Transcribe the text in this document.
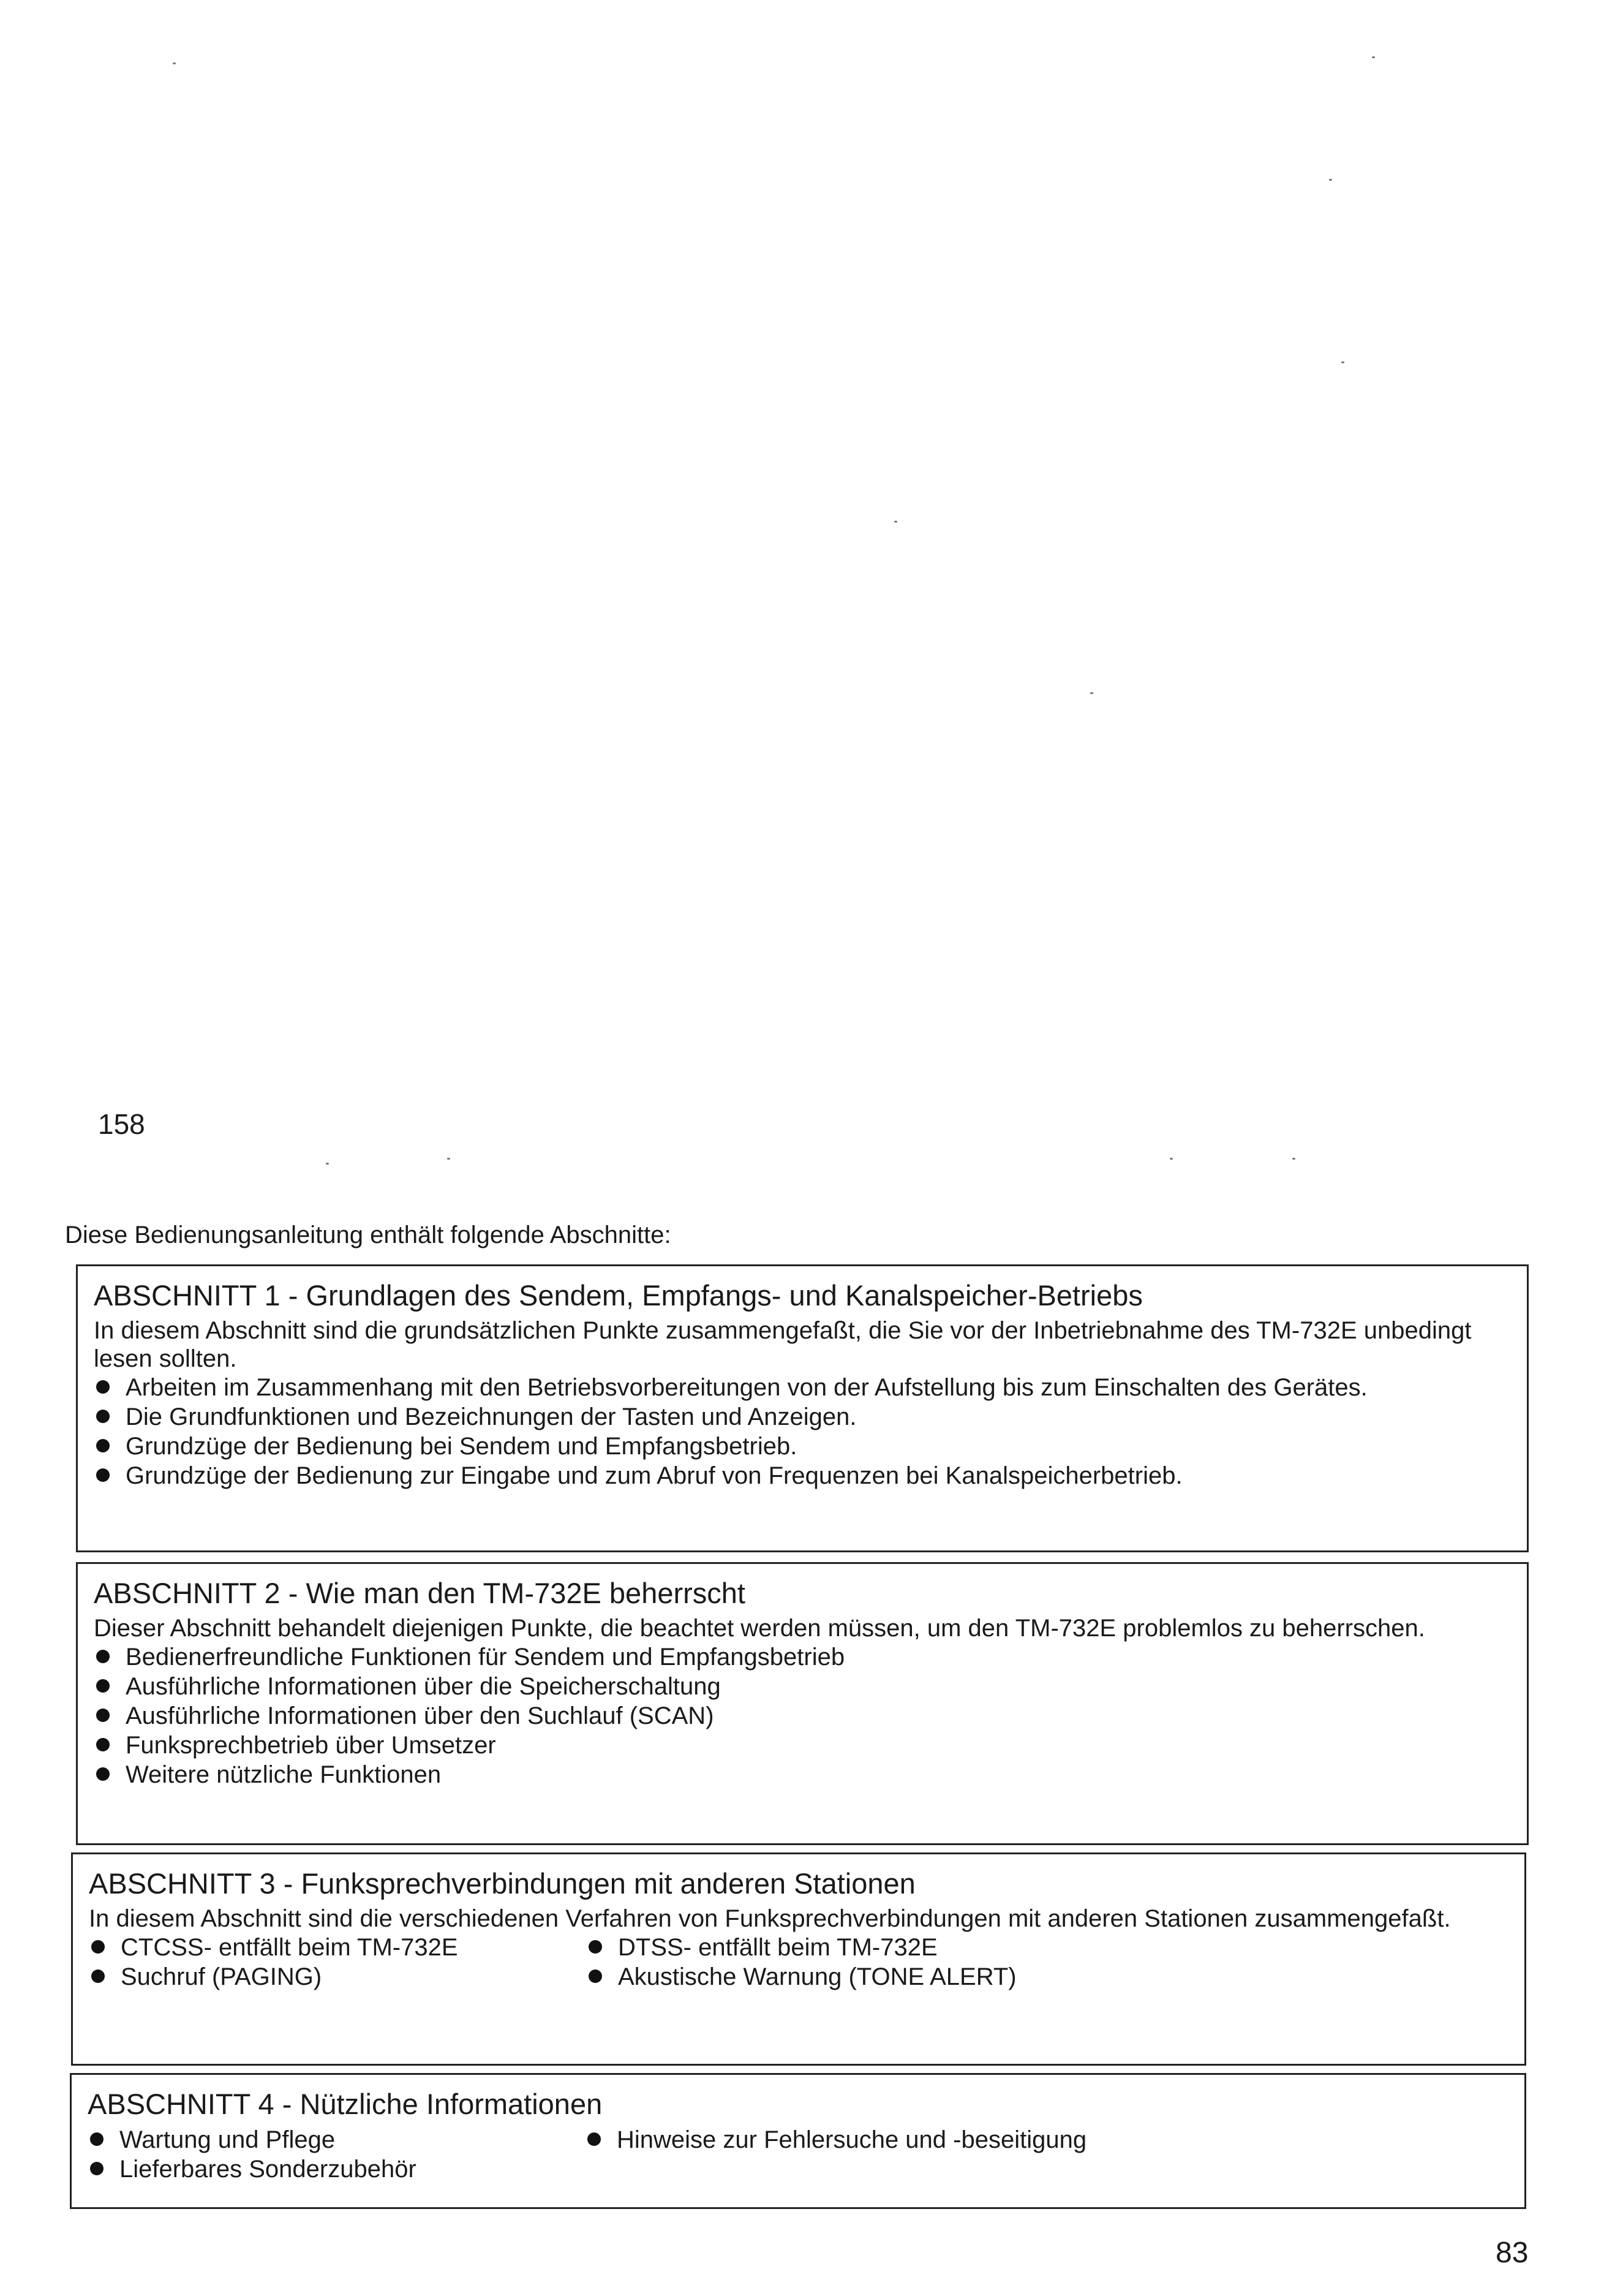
158
Diese Bedienungsanleitung enthält folgende Abschnitte:
ABSCHNITT 1 - Grundlagen des Sendem, Empfangs- und Kanalspeicher-Betriebs

In diesem Abschnitt sind die grundsätzlichen Punkte zusammengefaßt, die Sie vor der Inbetriebnahme des TM-732E unbedingt lesen sollten.

Arbeiten im Zusammenhang mit den Betriebsvorbereitungen von der Aufstellung bis zum Einschalten des Gerätes.
Die Grundfunktionen und Bezeichnungen der Tasten und Anzeigen.
Grundzüge der Bedienung bei Sendem und Empfangsbetrieb.
Grundzüge der Bedienung zur Eingabe und zum Abruf von Frequenzen bei Kanalspeicherbetrieb.
ABSCHNITT 2 - Wie man den TM-732E beherrscht

Dieser Abschnitt behandelt diejenigen Punkte, die beachtet werden müssen, um den TM-732E problemlos zu beherrschen.

Bedienerfreundliche Funktionen für Sendem und Empfangsbetrieb
Ausführliche Informationen über die Speicherschaltung
Ausführliche Informationen über den Suchlauf (SCAN)
Funksprechbetrieb über Umsetzer
Weitere nützliche Funktionen
ABSCHNITT 3 - Funksprechverbindungen mit anderen Stationen

In diesem Abschnitt sind die verschiedenen Verfahren von Funksprechverbindungen mit anderen Stationen zusammengefaßt.

CTCSS- entfällt beim TM-732E	DTSS- entfällt beim TM-732E
Suchruf (PAGING)	Akustische Warnung (TONE ALERT)
ABSCHNITT 4 - Nützliche Informationen
Wartung und Pflege	Hinweise zur Fehlersuche und -beseitigung
Lieferbares Sonderzubehör
83
